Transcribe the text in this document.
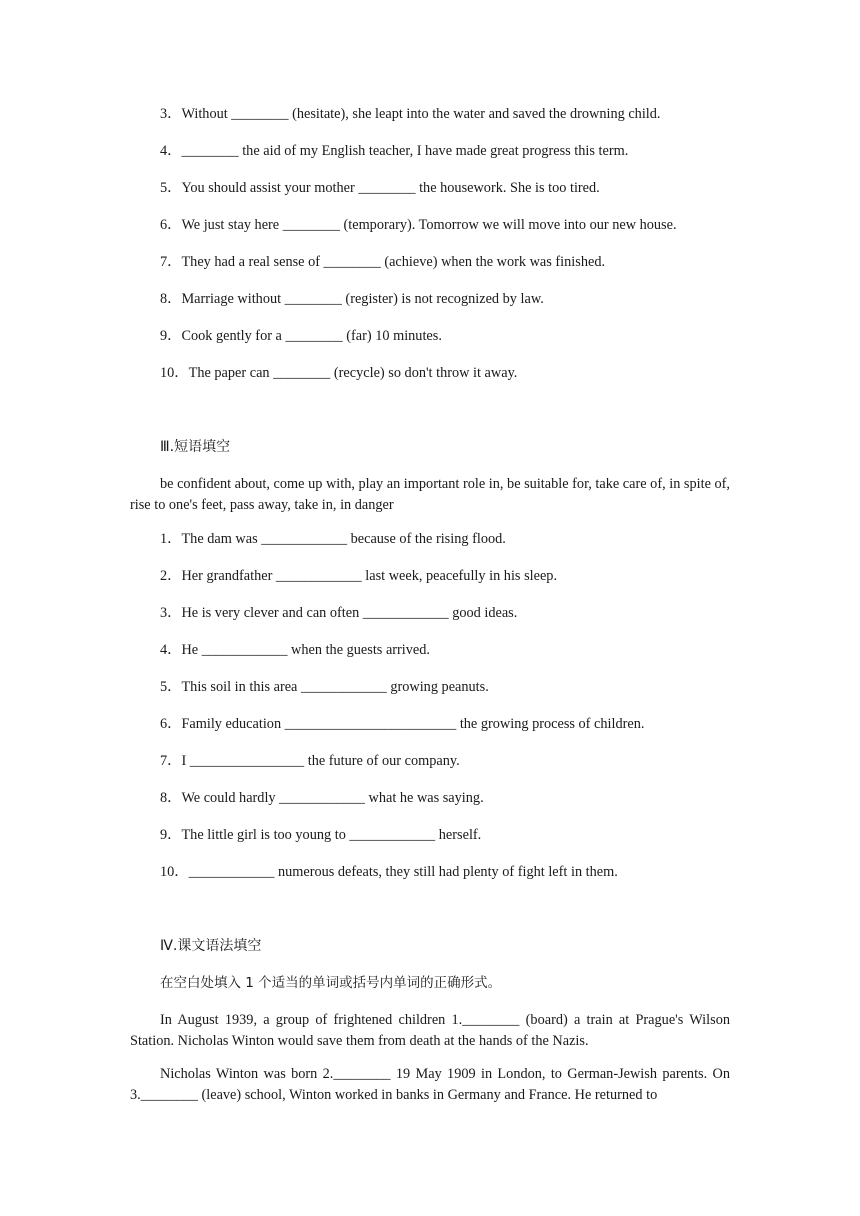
3．Without ________ (hesitate), she leapt into the water and saved the drowning child.
4．________ the aid of my English teacher, I have made great progress this term.
5．You should assist your mother ________ the housework. She is too tired.
6．We just stay here ________ (temporary). Tomorrow we will move into our new house.
7．They had a real sense of ________ (achieve) when the work was finished.
8．Marriage without ________ (register) is not recognized by law.
9．Cook gently for a ________ (far) 10 minutes.
10．The paper can ________ (recycle) so don't throw it away.
Ⅲ.短语填空
be confident about, come up with, play an important role in, be suitable for, take care of, in spite of, rise to one's feet, pass away, take in, in danger
1．The dam was ____________ because of the rising flood.
2．Her grandfather ____________ last week, peacefully in his sleep.
3．He is very clever and can often ____________ good ideas.
4．He ____________ when the guests arrived.
5．This soil in this area ____________ growing peanuts.
6．Family education ________________________ the growing process of children.
7．I ________________ the future of our company.
8．We could hardly ____________ what he was saying.
9．The little girl is too young to ____________ herself.
10．____________ numerous defeats, they still had plenty of fight left in them.
Ⅳ.课文语法填空
在空白处填入 1 个适当的单词或括号内单词的正确形式。
In August 1939, a group of frightened children 1.________ (board) a train at Prague's Wilson Station. Nicholas Winton would save them from death at the hands of the Nazis.
Nicholas Winton was born 2.________ 19 May 1909 in London, to German-Jewish parents. On 3.________ (leave) school, Winton worked in banks in Germany and France. He returned to
